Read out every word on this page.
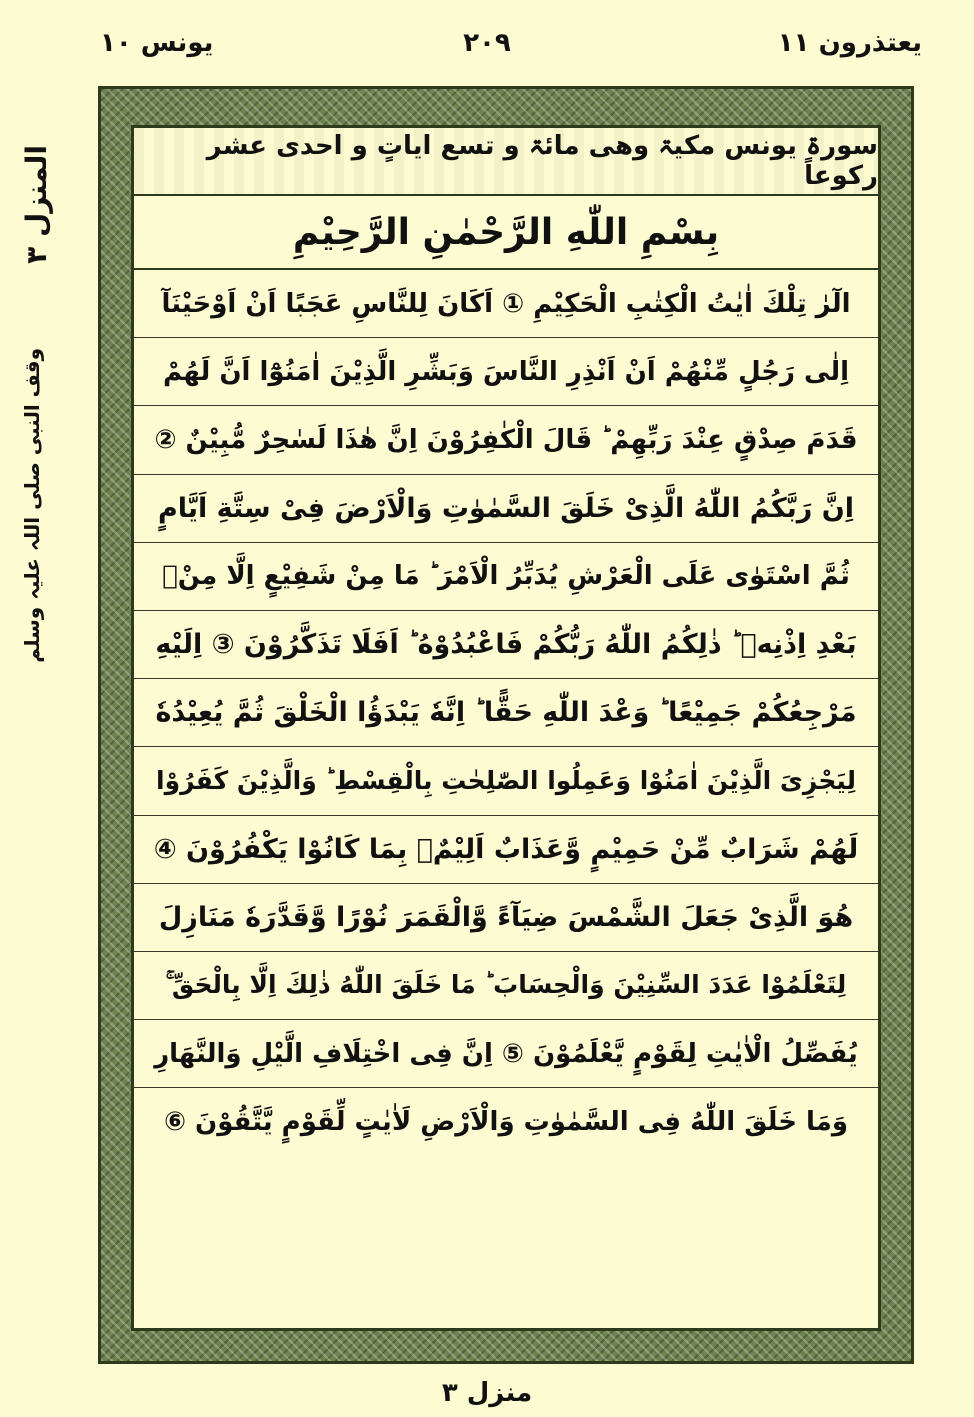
یعتذرون ۱۱
۲۰۹
یونس ۱۰
المنزل ۳
وقف النبی صلی اللہ علیہ وسلم
سورۃ یونس مکیۃ وھی مائۃ و تسع ایاتٍ و احدی عشر رکوعاً
بِسْمِ اللّٰهِ الرَّحْمٰنِ الرَّحِيْمِ
الٓرٰ تِلْكَ اٰيٰتُ الْكِتٰبِ الْحَكِيْمِ ① اَكَانَ لِلنَّاسِ عَجَبًا اَنْ اَوْحَيْنَآ
اِلٰى رَجُلٍ مِّنْهُمْ اَنْ اَنْذِرِ النَّاسَ وَبَشِّرِ الَّذِيْنَ اٰمَنُوْٓا اَنَّ لَهُمْ
قَدَمَ صِدْقٍ عِنْدَ رَبِّهِمْ ؕ قَالَ الْكٰفِرُوْنَ اِنَّ هٰذَا لَسٰحِرٌ مُّبِيْنٌ ②
اِنَّ رَبَّكُمُ اللّٰهُ الَّذِىْ خَلَقَ السَّمٰوٰتِ وَالْاَرْضَ فِىْ سِتَّةِ اَيَّامٍ
ثُمَّ اسْتَوٰى عَلَى الْعَرْشِ يُدَبِّرُ الْاَمْرَ ؕ مَا مِنْ شَفِيْعٍ اِلَّا مِنْۢ
بَعْدِ اِذْنِهٖ ؕ ذٰلِكُمُ اللّٰهُ رَبُّكُمْ فَاعْبُدُوْهُ ؕ اَفَلَا تَذَكَّرُوْنَ ③ اِلَيْهِ
مَرْجِعُكُمْ جَمِيْعًا ؕ وَعْدَ اللّٰهِ حَقًّا ؕ اِنَّهٗ يَبْدَؤُا الْخَلْقَ ثُمَّ يُعِيْدُهٗ
لِيَجْزِىَ الَّذِيْنَ اٰمَنُوْا وَعَمِلُوا الصّٰلِحٰتِ بِالْقِسْطِ ؕ وَالَّذِيْنَ كَفَرُوْا
لَهُمْ شَرَابٌ مِّنْ حَمِيْمٍ وَّعَذَابٌ اَلِيْمٌۢ بِمَا كَانُوْا يَكْفُرُوْنَ ④
هُوَ الَّذِىْ جَعَلَ الشَّمْسَ ضِيَآءً وَّالْقَمَرَ نُوْرًا وَّقَدَّرَهٗ مَنَازِلَ
لِتَعْلَمُوْا عَدَدَ السِّنِيْنَ وَالْحِسَابَ ؕ مَا خَلَقَ اللّٰهُ ذٰلِكَ اِلَّا بِالْحَقِّ ۚ
يُفَصِّلُ الْاٰيٰتِ لِقَوْمٍ يَّعْلَمُوْنَ ⑤ اِنَّ فِى اخْتِلَافِ الَّيْلِ وَالنَّهَارِ
وَمَا خَلَقَ اللّٰهُ فِى السَّمٰوٰتِ وَالْاَرْضِ لَاٰيٰتٍ لِّقَوْمٍ يَّتَّقُوْنَ ⑥
منزل ۳
